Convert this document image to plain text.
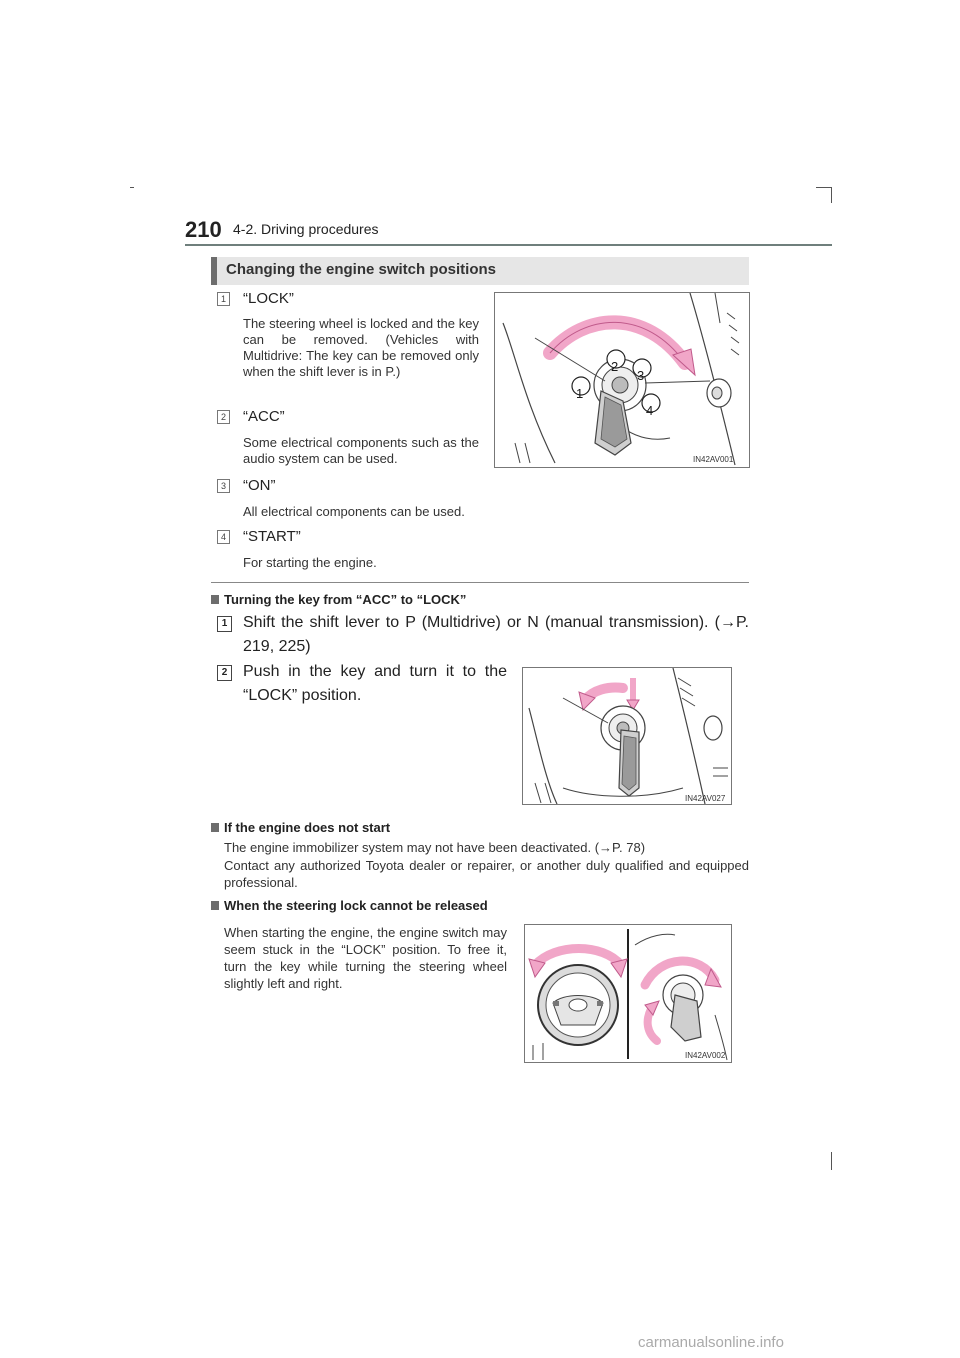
210 4-2. Driving procedures
Changing the engine switch positions
1 “LOCK”
The steering wheel is locked and the key can be removed. (Vehicles with Multidrive: The key can be removed only when the shift lever is in P.)
2 “ACC”
Some electrical components such as the audio system can be used.
3 “ON”
All electrical components can be used.
4 “START”
For starting the engine.
1
2
3
4
IN42AV001
Turning the key from “ACC” to “LOCK”
1 Shift the shift lever to P (Multidrive) or N (manual transmission). (→P. 219, 225)
2 Push in the key and turn it to the “LOCK” position.
IN42AV027
If the engine does not start
The engine immobilizer system may not have been deactivated. (→P. 78)
Contact any authorized Toyota dealer or repairer, or another duly qualified and equipped professional.
When the steering lock cannot be released
When starting the engine, the engine switch may seem stuck in the “LOCK” position. To free it, turn the key while turning the steering wheel slightly left and right.
IN42AV002
carmanualsonline.info
